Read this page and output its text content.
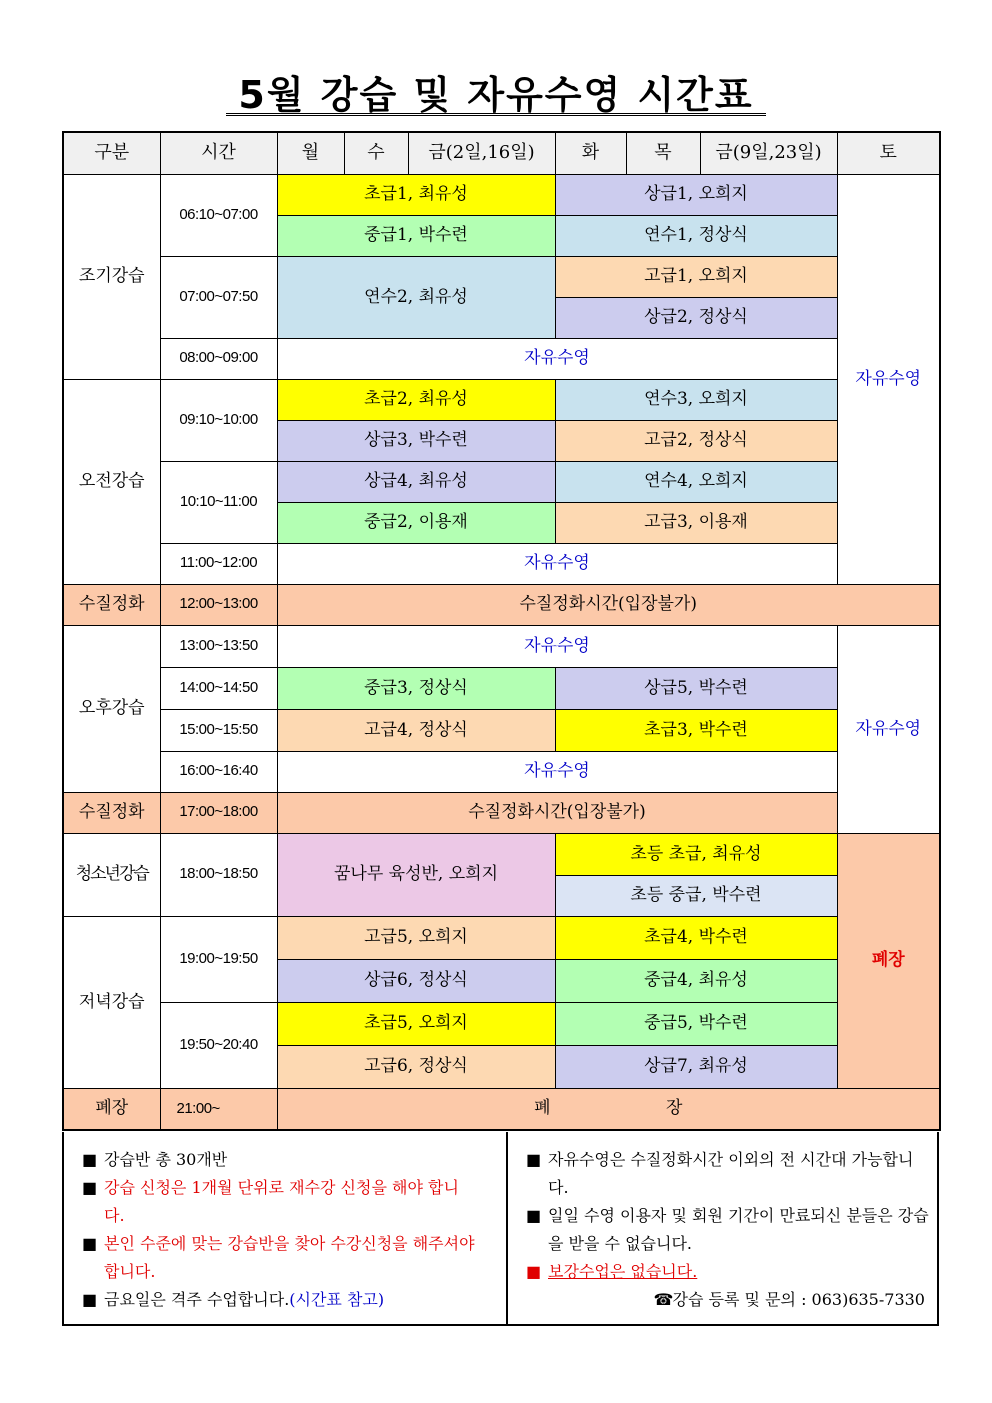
5월 강습 및 자유수영 시간표
구분	시간	월	수	금(2일,16일)	화	목	금(9일,23일)	토
조기강습	06:10~07:00	초급1, 최유성			상급1, 오희지			자유수영
		중급1, 박수련			연수1, 정상식			
	07:00~07:50	연수2, 최유성			고급1, 오희지			
					상급2, 정상식			
	08:00~09:00	자유수영						
오전강습	09:10~10:00	초급2, 최유성			연수3, 오희지			
		상급3, 박수련			고급2, 정상식			
	10:10~11:00	상급4, 최유성			연수4, 오희지			
		중급2, 이용재			고급3, 이용재			
	11:00~12:00	자유수영						
수질정화	12:00~13:00	수질정화시간(입장불가)						
오후강습	13:00~13:50	자유수영						자유수영
	14:00~14:50	중급3, 정상식			상급5, 박수련			
	15:00~15:50	고급4, 정상식			초급3, 박수련			
	16:00~16:40	자유수영						
수질정화	17:00~18:00	수질정화시간(입장불가)						
청소년강습	18:00~18:50	꿈나무 육성반, 오희지			초등 초급, 최유성			폐장
					초등 중급, 박수련			
저녁강습	19:00~19:50	고급5, 오희지			초급4, 박수련			
		상급6, 정상식			중급4, 최유성			
	19:50~20:40	초급5, 오희지			중급5, 박수련			
		고급6, 정상식			상급7, 최유성			
폐장	21:00~	폐 장						
■ 강습반 총 30개반
■ 강습 신청은 1개월 단위로 재수강 신청을 해야 합니다.
■ 본인 수준에 맞는 강습반을 찾아 수강신청을 해주셔야 합니다.
■ 금요일은 격주 수업합니다.(시간표 참고)
■ 자유수영은 수질정화시간 이외의 전 시간대 가능합니다.
■ 일일 수영 이용자 및 회원 기간이 만료되신 분들은 강습을 받을 수 없습니다.
■ 보강수업은 없습니다.
☎ 강습 등록 및 문의 : 063)635-7330
